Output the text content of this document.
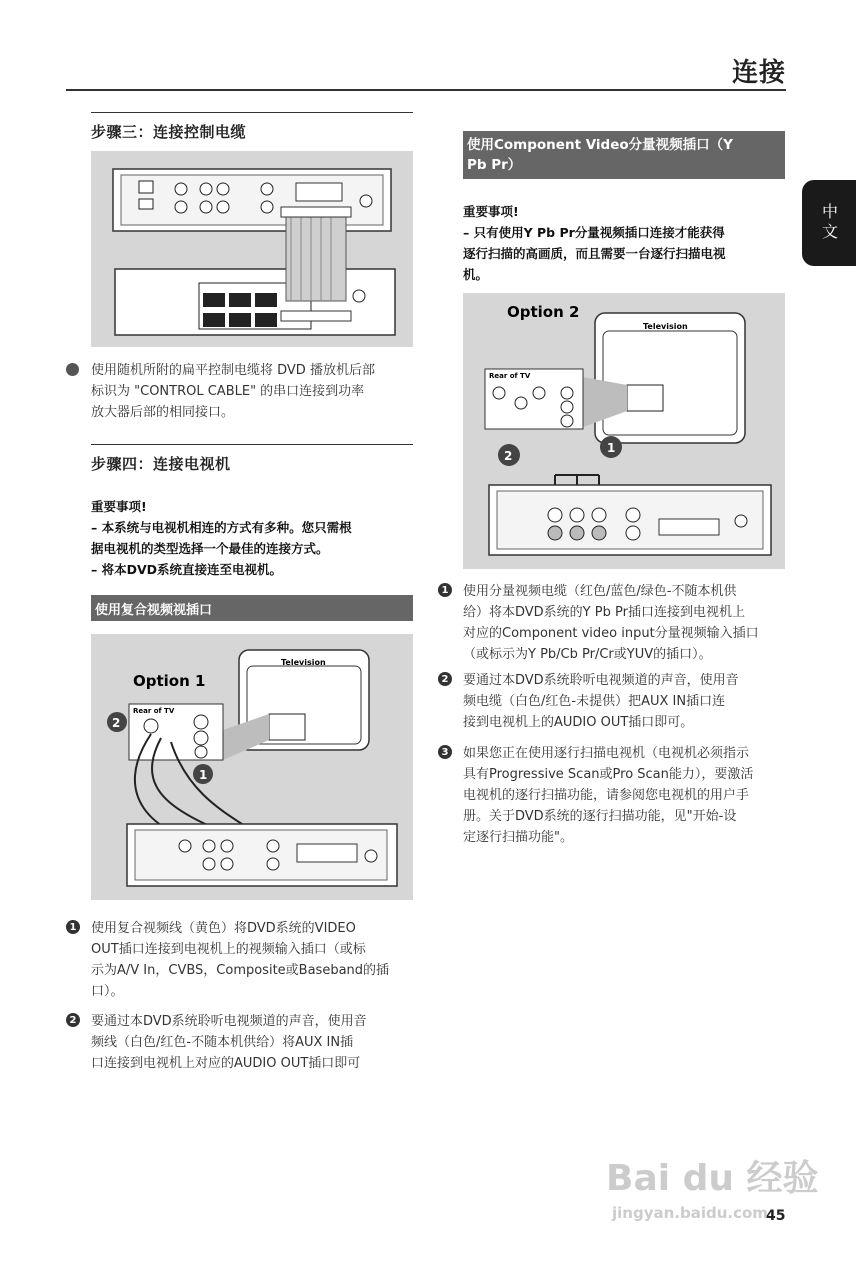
连接
中文
步骤三：连接控制电缆
使用随机所附的扁平控制电缆将 DVD 播放机后部
标识为 "CONTROL CABLE" 的串口连接到功率
放大器后部的相同接口。
步骤四：连接电视机
重要事项!
– 本系统与电视机相连的方式有多种。您只需根
据电视机的类型选择一个最佳的连接方式。
– 将本DVD系统直接连至电视机。
使用复合视频视插口
Television
Rear of TV
Option 1
2
1
1 使用复合视频线（黄色）将DVD系统的VIDEO
OUT插口连接到电视机上的视频输入插口（或标
示为A/V In，CVBS，Composite或Baseband的插
口）。
2 要通过本DVD系统聆听电视频道的声音，使用音
频线（白色/红色-不随本机供给）将AUX IN插
口连接到电视机上对应的AUDIO OUT插口即可
使用Component Video分量视频插口（Y
Pb Pr）
重要事项!
– 只有使用Y Pb Pr分量视频插口连接才能获得
逐行扫描的高画质，而且需要一台逐行扫描电视
机。
Television
Option 2
Rear of TV
2
1
1 使用分量视频电缆（红色/蓝色/绿色-不随本机供
给）将本DVD系统的Y Pb Pr插口连接到电视机上
对应的Component video input分量视频输入插口
（或标示为Y Pb/Cb Pr/Cr或YUV的插口）。
2 要通过本DVD系统聆听电视频道的声音，使用音
频电缆（白色/红色-未提供）把AUX IN插口连
接到电视机上的AUDIO OUT插口即可。
3 如果您正在使用逐行扫描电视机（电视机必须指示
具有Progressive Scan或Pro Scan能力），要激活
电视机的逐行扫描功能，请参阅您电视机的用户手
册。关于DVD系统的逐行扫描功能，见"开始-设
定逐行扫描功能"。
Bai du 经验
jingyan.baidu.com
45
